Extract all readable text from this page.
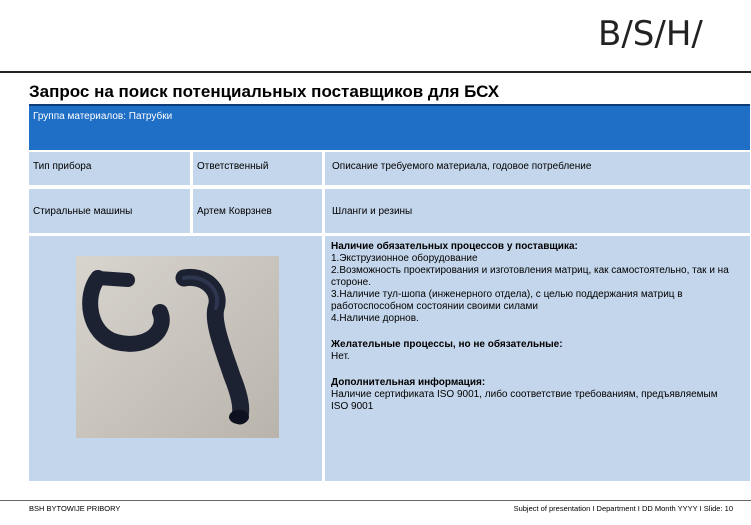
B/S/H/
Запрос на поиск потенциальных поставщиков для БСХ
Группа материалов: Патрубки
Тип прибора	Ответственный	Описание требуемого материала, годовое потребление
Стиральные машины	Артем Коврзнев	Шланги и резины
Наличие обязательных процессов у поставщика:
1.Экструзионное оборудование
2.Возможность проектирования и изготовления матриц, как самостоятельно, так и на стороне.
3.Наличие тул-шопа (инженерного отдела), с целью поддержания матриц в работоспособном состоянии своими силами
4.Наличие дорнов.
Желательные процессы, но не обязательные:
Нет.
Дополнительная информация:
Наличие сертификата ISO 9001, либо соответствие требованиям, предъявляемым ISO 9001
BSH BYTOWIJE PRIBORY	Subject of presentation I Department I DD Month YYYY I Slide: 10
